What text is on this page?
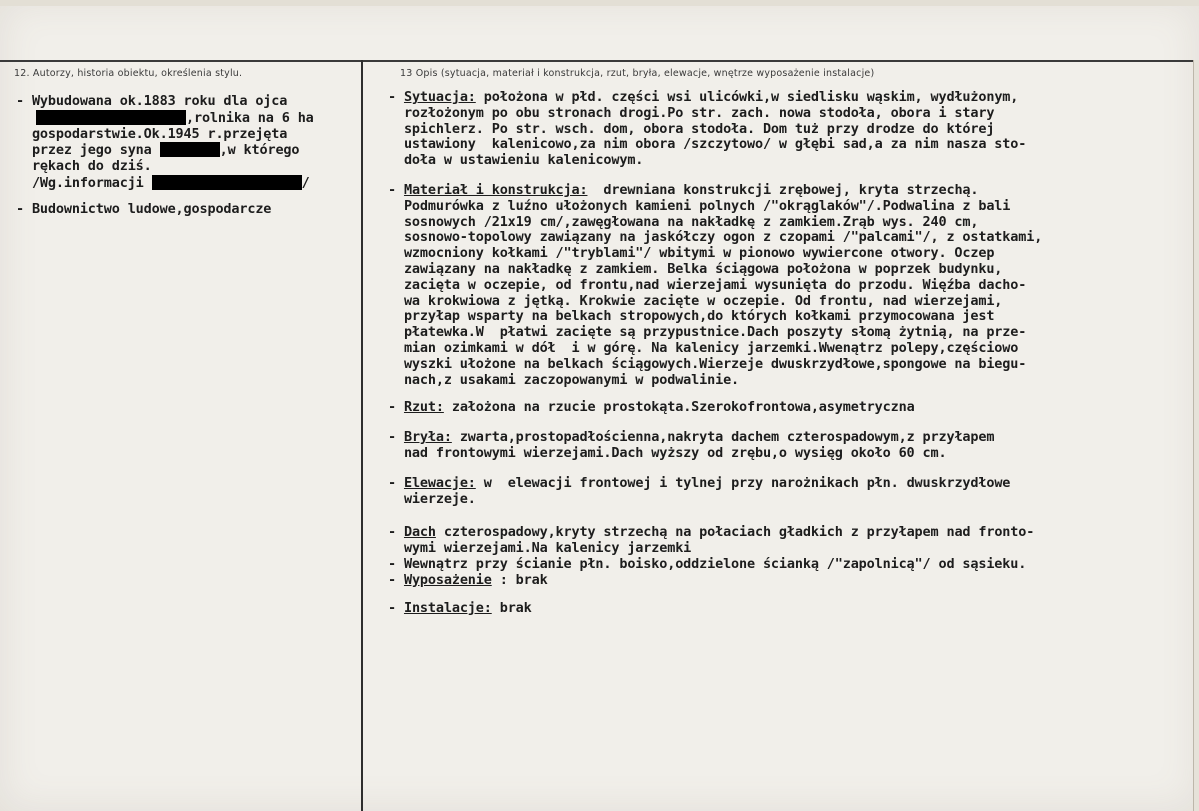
12. Autorzy, historia obiektu, określenia stylu.	13 Opis (sytuacja, materiał i konstrukcja, rzut, bryła, elewacje, wnętrze wyposażenie instalacje)
- Wybudowana ok.1883 roku dla ojca
,rolnika na 6 ha
gospodarstwie.Ok.1945 r.przejęta
przez jego syna	,w którego
rękach do dziś.
/Wg.informacji	/
- Budownictwo ludowe,gospodarcze
- Sytuacja: położona w płd. części wsi ulicówki,w siedlisku wąskim, wydłużonym,
rozłożonym po obu stronach drogi.Po str. zach. nowa stodoła, obora i stary
spichlerz. Po str. wsch. dom, obora stodoła. Dom tuż przy drodze do której
ustawiony  kalenicowo,za nim obora /szczytowo/ w głębi sad,a za nim nasza sto-
doła w ustawieniu kalenicowym.
- Materiał i konstrukcja:  drewniana konstrukcji zrębowej, kryta strzechą.
Podmurówka z luźno ułożonych kamieni polnych /"okrąglaków"/.Podwalina z bali
sosnowych /21x19 cm/,zawęgłowana na nakładkę z zamkiem.Zrąb wys. 240 cm,
sosnowo-topolowy zawiązany na jaskółczy ogon z czopami /"palcami"/, z ostatkami,
wzmocniony kołkami /"tryblami"/ wbitymi w pionowo wywiercone otwory. Oczep
zawiązany na nakładkę z zamkiem. Belka ściągowa położona w poprzek budynku,
zacięta w oczepie, od frontu,nad wierzejami wysunięta do przodu. Więźba dacho-
wa krokwiowa z jętką. Krokwie zacięte w oczepie. Od frontu, nad wierzejami,
przyłap wsparty na belkach stropowych,do których kołkami przymocowana jest
płatewka.W  płatwi zacięte są przypustnice.Dach poszyty słomą żytnią, na prze-
mian ozimkami w dół  i w górę. Na kalenicy jarzemki.Wwenątrz polepy,częściowo
wyszki ułożone na belkach ściągowych.Wierzeje dwuskrzydłowe,spongowe na biegu-
nach,z usakami zaczopowanymi w podwalinie.
- Rzut: założona na rzucie prostokąta.Szerokofrontowa,asymetryczna
- Bryła: zwarta,prostopadłościenna,nakryta dachem czterospadowym,z przyłapem
nad frontowymi wierzejami.Dach wyższy od zrębu,o wysięg około 60 cm.
- Elewacje: w  elewacji frontowej i tylnej przy narożnikach płn. dwuskrzydłowe
wierzeje.
- Dach czterospadowy,kryty strzechą na połaciach gładkich z przyłapem nad fronto-
wymi wierzejami.Na kalenicy jarzemki
- Wewnątrz przy ścianie płn. boisko,oddzielone ścianką /"zapolnicą"/ od sąsieku.
- Wyposażenie : brak
- Instalacje: brak
